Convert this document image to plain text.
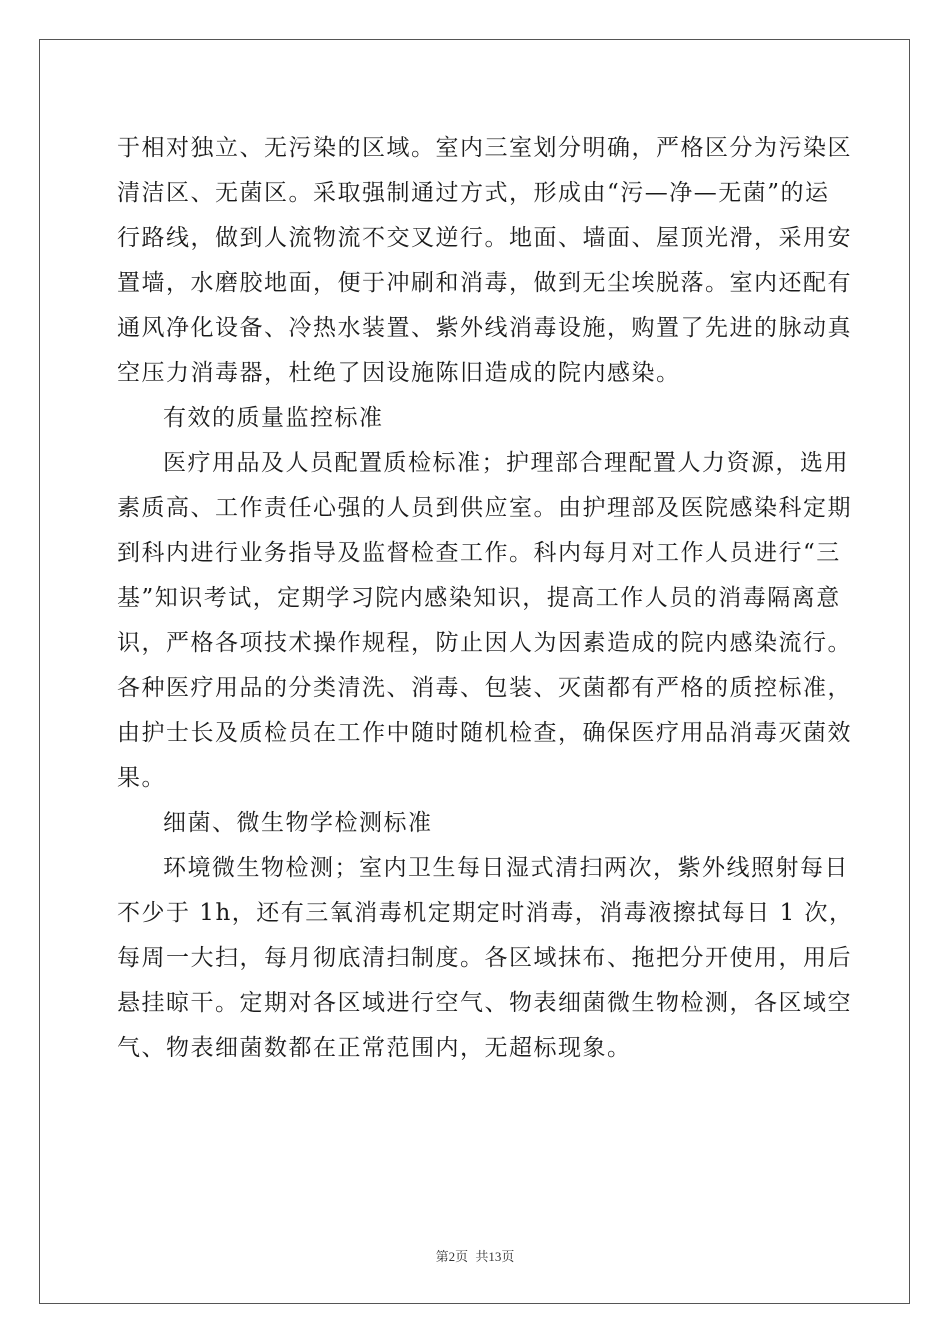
于相对独立、无污染的区域。室内三室划分明确，严格区分为污染区
清洁区、无菌区。采取强制通过方式，形成由“污—净—无菌”的运
行路线，做到人流物流不交叉逆行。地面、墙面、屋顶光滑，采用安
置墙，水磨胶地面，便于冲刷和消毒，做到无尘埃脱落。室内还配有
通风净化设备、冷热水装置、紫外线消毒设施，购置了先进的脉动真
空压力消毒器，杜绝了因设施陈旧造成的院内感染。
有效的质量监控标准
医疗用品及人员配置质检标准；护理部合理配置人力资源，选用
素质高、工作责任心强的人员到供应室。由护理部及医院感染科定期
到科内进行业务指导及监督检查工作。科内每月对工作人员进行“三
基”知识考试，定期学习院内感染知识，提高工作人员的消毒隔离意
识，严格各项技术操作规程，防止因人为因素造成的院内感染流行。
各种医疗用品的分类清洗、消毒、包装、灭菌都有严格的质控标准，
由护士长及质检员在工作中随时随机检查，确保医疗用品消毒灭菌效
果。
细菌、微生物学检测标准
环境微生物检测；室内卫生每日湿式清扫两次，紫外线照射每日
不少于 1h，还有三氧消毒机定期定时消毒，消毒液擦拭每日 1 次，
每周一大扫，每月彻底清扫制度。各区域抹布、拖把分开使用，用后
悬挂晾干。定期对各区域进行空气、物表细菌微生物检测，各区域空
气、物表细菌数都在正常范围内，无超标现象。
第2页 共13页
